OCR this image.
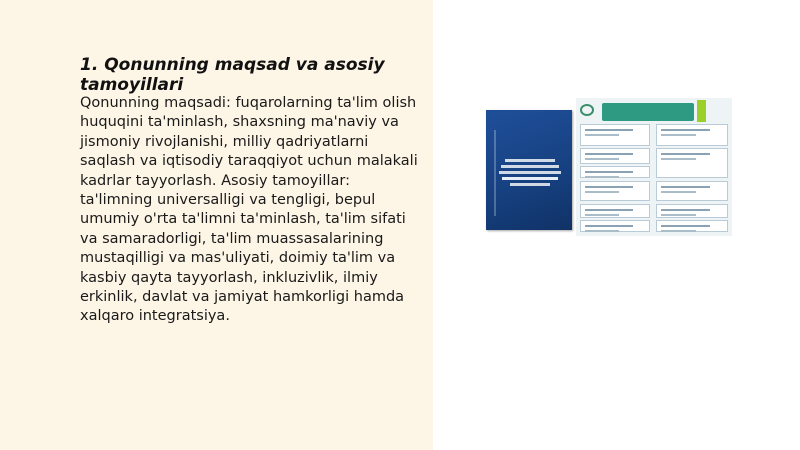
1. Qonunning maqsad va asosiy tamoyillari

Qonunning maqsadi: fuqarolarning ta'lim olish huquqini ta'minlash, shaxsning ma'naviy va jismoniy rivojlanishi, milliy qadriyatlarni saqlash va iqtisodiy taraqqiyot uchun malakali kadrlar tayyorlash. Asosiy tamoyillar: ta'limning universalligi va tengligi, bepul umumiy o'rta ta'limni ta'minlash, ta'lim sifati va samaradorligi, ta'lim muassasalarining mustaqilligi va mas'uliyati, doimiy ta'lim va kasbiy qayta tayyorlash, inkluzivlik, ilmiy erkinlik, davlat va jamiyat hamkorligi hamda xalqaro integratsiya.
